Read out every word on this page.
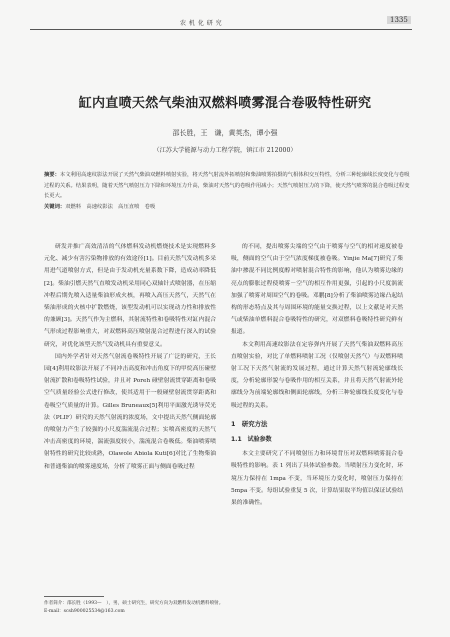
农 机 化 研 究	1335
缸内直喷天然气柴油双燃料喷雾混合卷吸特性研究
邵长胜，王　谦，黄英杰，谭小强
（江苏大学能源与动力工程学院，镇江市 212000）
摘要：本文利用高速纹影法开展了天然气柴油双燃料喷射实验，将天然气射流外拓喷射和柴油喷雾拍摄的气相体积交互特性，分析三种轮廓线长度变化与卷吸过程的关系。结果表明，随着天然气喷射压力下降和环境压力升高，柴油对天然气的卷吸作用减小；天然气喷射压力的下降，使天然气喷雾的混合卷吸过程变长更大。
关键词：双燃料　高速纹影法　高压直喷　卷吸

研发并推广高效清洁的气体燃料发动机燃烧技术是实现燃料多元化、减少有害污染物排放的有效途径[1]。目前天然气发动机多采用进气道喷射方式，但是由于发动机充量系数下降，造成动率降低[2]。柴油引燃天然气直喷发动机采用同心双轴针式喷射器，在压缩冲程后期先喷入适量柴油形成火核，再喷入高压天然气，天然气在柴油形成的火核中扩散燃烧，该型发动机可以实现动力性和排放性的兼顾[3]。天然气作为主燃料，其射流特性和卷吸特性对缸内混合气形成过程影响重大，对双燃料高压喷射混合过程进行深入的试验研究，对优化该型天然气发动机具有重要意义。

国内外学者针对天然气射流卷吸特性开展了广泛的研究，王长园[4]利用纹影法开展了不同冲击高度和冲击角度下的甲烷高压碰壁射流扩散和卷吸特性试验，并且对 Poreh 碰壁射流贯穿距离和卷吸空气质量经验公式进行修改，使其适用于一般碰壁射流贯穿距离和卷吸空气质量的计算。Gilles Bruneaux[5]利用平面激光诱导荧光法（PLIF）研究的天然气射流的浓度场，文中提出天然气侧面轮廓的喷射力产生了较强的小尺度湍流混合过程；实喷高密度的天然气冲击高密度的环境，湍流强度较小，湍流混合卷吸低。柴油喷雾喷射特性的研究比较成熟，Olawole Abiola Kuti[6]对比了生物柴油和普通柴油的喷雾速度场，分析了喷雾正面与侧面卷吸过程

的不同，提出喷雾尖端的空气由于喷雾与空气的相对速度被卷吸，侧面的空气由于空气浓度梯度被卷吸。Yinjie Ma[7]研究了柴油中掺混不同比例度醇对喷射混合特性的影响，他认为喷雾边缘的亮点的膨胀过程使喷雾－空气的相互作用更强，引起的小尺度涡流加强了喷雾对周围空气的卷吸。邓鹏[8]分析了柴油喷雾边缘凸起结构的形态特点及其与周围环境的能量交换过程，以上文献是对天然气或柴油单燃料混合卷吸特性的研究，对双燃料卷吸特性研究鲜有报道。

本文利用高速纹影法在定容弹内开展了天然气柴油双燃料高压直喷射实验，对比了单燃料喷射工况（仅喷射天然气）与双燃料喷射工况下天然气射流的发展过程，通过计算天然气射流轮廓线长度，分析轮廓形貌与卷吸作用的相互关系，并且将天然气射流外轮廓线分为前端轮廓线和侧面轮廓线，分析三种轮廓线长度变化与卷吸过程的关系。

1　研究方法
1.1　试验参数

本文主要研究了不同喷射压力和环境背压对双燃料喷雾混合卷吸特性的影响。表 1 列出了具体试验参数。当喷射压力变化时，环境压力保持在 1mpa 不变，当环境压力变化时，喷射压力保持在 5mpa 不变。每组试验重复 5 次，计算结果取平均值以保证试验结果的准确性。

作者简介：邵长胜（1993—　），男，硕士研究生，研究方向为双燃料发动机燃料喷射。
E-mail：scsh900025534@163.com
